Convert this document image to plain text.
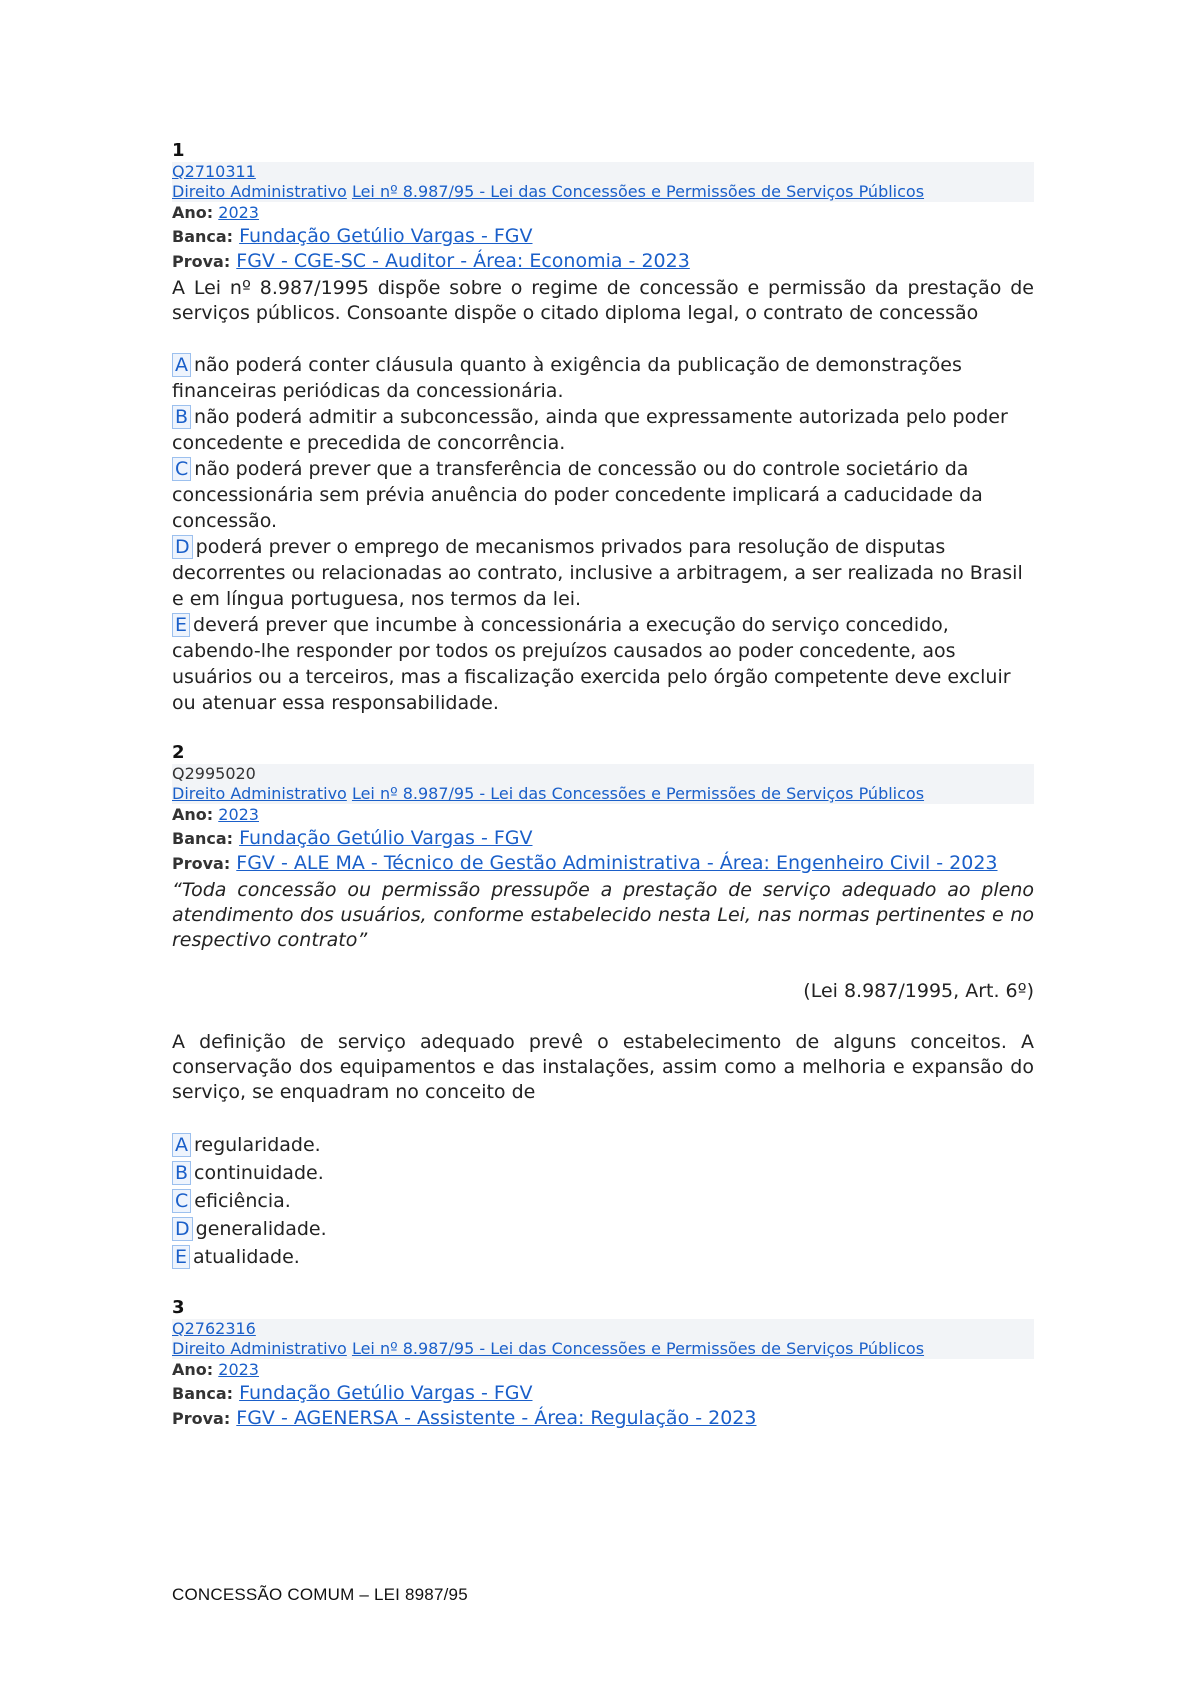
1
Q2710311
Direito Administrativo Lei nº 8.987/95 - Lei das Concessões e Permissões de Serviços Públicos
Ano: 2023
Banca: Fundação Getúlio Vargas - FGV
Prova: FGV - CGE-SC - Auditor - Área: Economia - 2023
A Lei nº 8.987/1995 dispõe sobre o regime de concessão e permissão da prestação de serviços públicos. Consoante dispõe o citado diploma legal, o contrato de concessão
A não poderá conter cláusula quanto à exigência da publicação de demonstrações financeiras periódicas da concessionária.
B não poderá admitir a subconcessão, ainda que expressamente autorizada pelo poder concedente e precedida de concorrência.
C não poderá prever que a transferência de concessão ou do controle societário da concessionária sem prévia anuência do poder concedente implicará a caducidade da concessão.
D poderá prever o emprego de mecanismos privados para resolução de disputas decorrentes ou relacionadas ao contrato, inclusive a arbitragem, a ser realizada no Brasil e em língua portuguesa, nos termos da lei.
E deverá prever que incumbe à concessionária a execução do serviço concedido, cabendo-lhe responder por todos os prejuízos causados ao poder concedente, aos usuários ou a terceiros, mas a fiscalização exercida pelo órgão competente deve excluir ou atenuar essa responsabilidade.
2
Q2995020
Direito Administrativo Lei nº 8.987/95 - Lei das Concessões e Permissões de Serviços Públicos
Ano: 2023
Banca: Fundação Getúlio Vargas - FGV
Prova: FGV - ALE MA - Técnico de Gestão Administrativa - Área: Engenheiro Civil - 2023
“Toda concessão ou permissão pressupõe a prestação de serviço adequado ao pleno atendimento dos usuários, conforme estabelecido nesta Lei, nas normas pertinentes e no respectivo contrato”
(Lei 8.987/1995, Art. 6º)
A definição de serviço adequado prevê o estabelecimento de alguns conceitos. A conservação dos equipamentos e das instalações, assim como a melhoria e expansão do serviço, se enquadram no conceito de
A regularidade.
B continuidade.
C eficiência.
D generalidade.
E atualidade.
3
Q2762316
Direito Administrativo Lei nº 8.987/95 - Lei das Concessões e Permissões de Serviços Públicos
Ano: 2023
Banca: Fundação Getúlio Vargas - FGV
Prova: FGV - AGENERSA - Assistente - Área: Regulação - 2023
CONCESSÃO COMUM – LEI 8987/95
